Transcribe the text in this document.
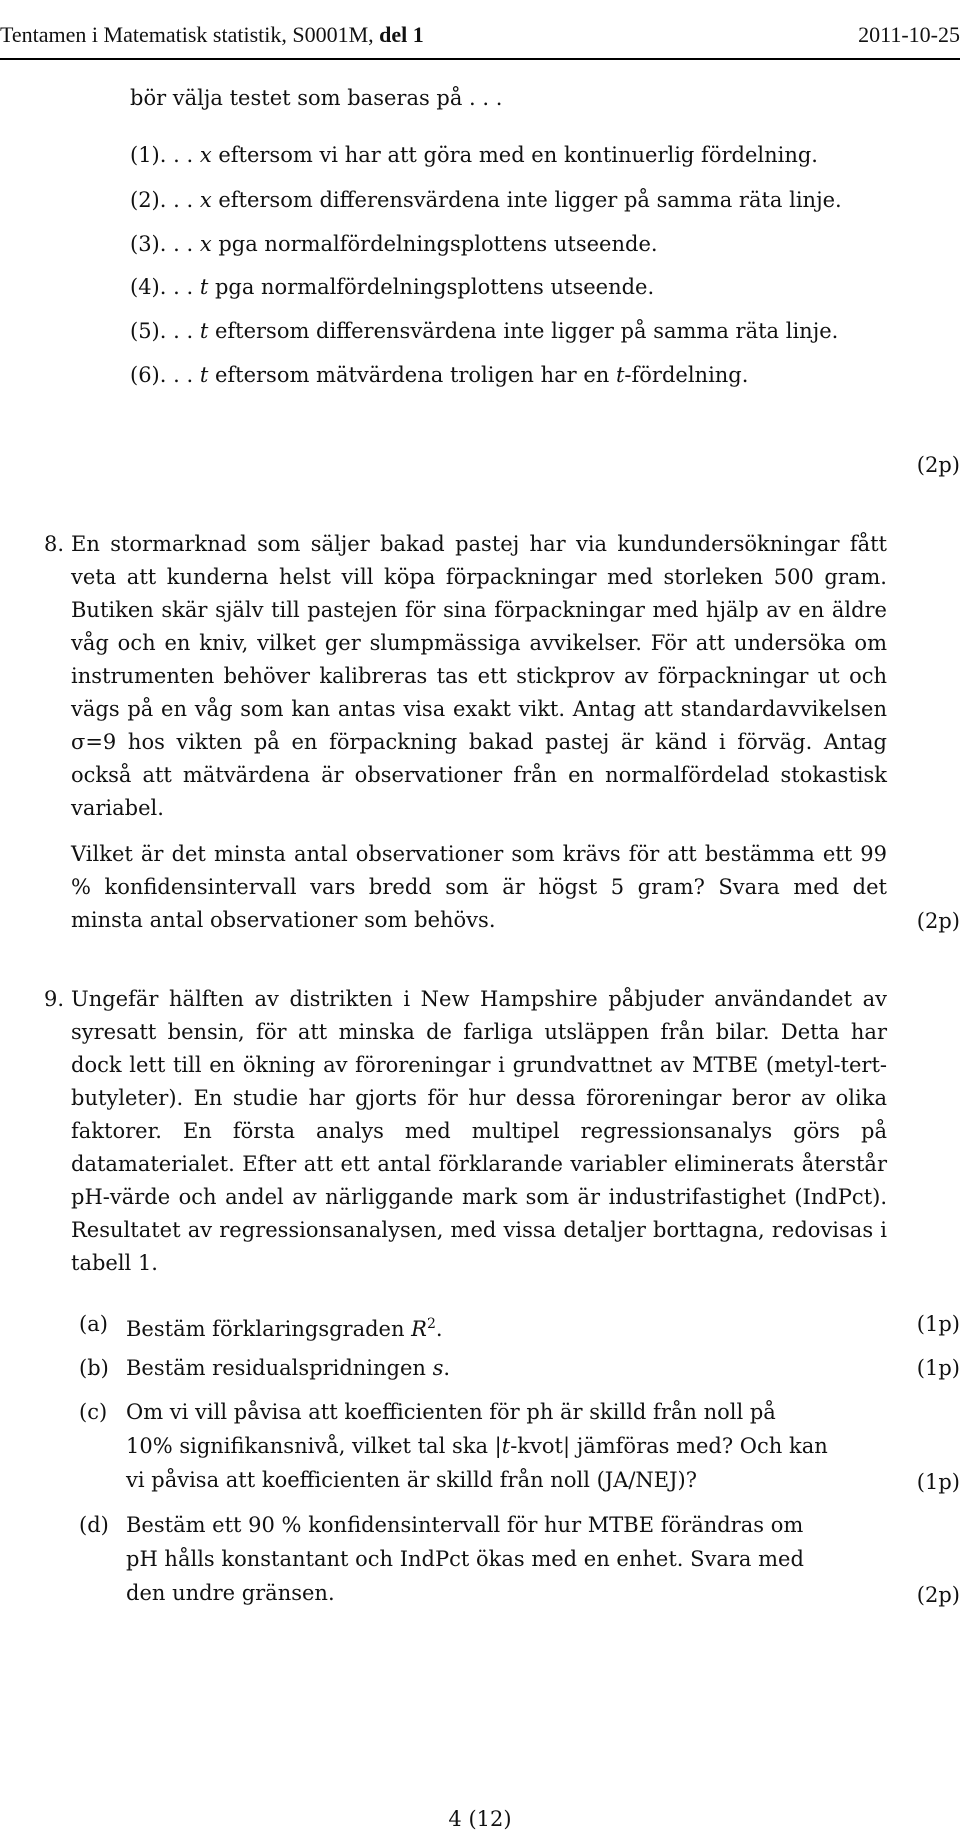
Tentamen i Matematisk statistik, S0001M, del 1	2011-10-25
bör välja testet som baseras på . . .
(1). . . x eftersom vi har att göra med en kontinuerlig fördelning.
(2). . . x eftersom differensvärdena inte ligger på samma räta linje.
(3). . . x pga normalfördelningsplottens utseende.
(4). . . t pga normalfördelningsplottens utseende.
(5). . . t eftersom differensvärdena inte ligger på samma räta linje.
(6). . . t eftersom mätvärdena troligen har en t-fördelning.
(2p)
8. En stormarknad som säljer bakad pastej har via kundundersökningar fått veta att kunderna helst vill köpa förpackningar med storleken 500 gram. Butiken skär själv till pastejen för sina förpackningar med hjälp av en äldre våg och en kniv, vilket ger slumpmässiga avvikelser. För att undersöka om instrumenten behöver kalibreras tas ett stickprov av förpackningar ut och vägs på en våg som kan antas visa exakt vikt. Antag att standardavvikelsen σ=9 hos vikten på en förpackning bakad pastej är känd i förväg. Antag också att mätvärdena är observationer från en normalfördelad stokastisk variabel.
Vilket är det minsta antal observationer som krävs för att bestämma ett 99 % konfidensintervall vars bredd som är högst 5 gram? Svara med det minsta antal observationer som behövs.	(2p)
9. Ungefär hälften av distrikten i New Hampshire påbjuder användandet av syresatt bensin, för att minska de farliga utsläppen från bilar. Detta har dock lett till en ökning av föroreningar i grundvattnet av MTBE (metyl-tert-butyleter). En studie har gjorts för hur dessa föroreningar beror av olika faktorer. En första analys med multipel regressionsanalys görs på datamaterialet. Efter att ett antal förklarande variabler eliminerats återstår pH-värde och andel av närliggande mark som är industrifastighet (IndPct). Resultatet av regressionsanalysen, med vissa detaljer borttagna, redovisas i tabell 1.
(a) Bestäm förklaringsgraden $R^2$.	(1p)
(b) Bestäm residualspridningen s.	(1p)
(c) Om vi vill påvisa att koefficienten för ph är skilld från noll på
10% signifikansnivå, vilket tal ska |t-kvot| jämföras med? Och kan
vi påvisa att koefficienten är skilld från noll (JA/NEJ)?	(1p)
(d) Bestäm ett 90 % konfidensintervall för hur MTBE förändras om
pH hålls konstantant och IndPct ökas med en enhet. Svara med
den undre gränsen.	(2p)
4 (12)
